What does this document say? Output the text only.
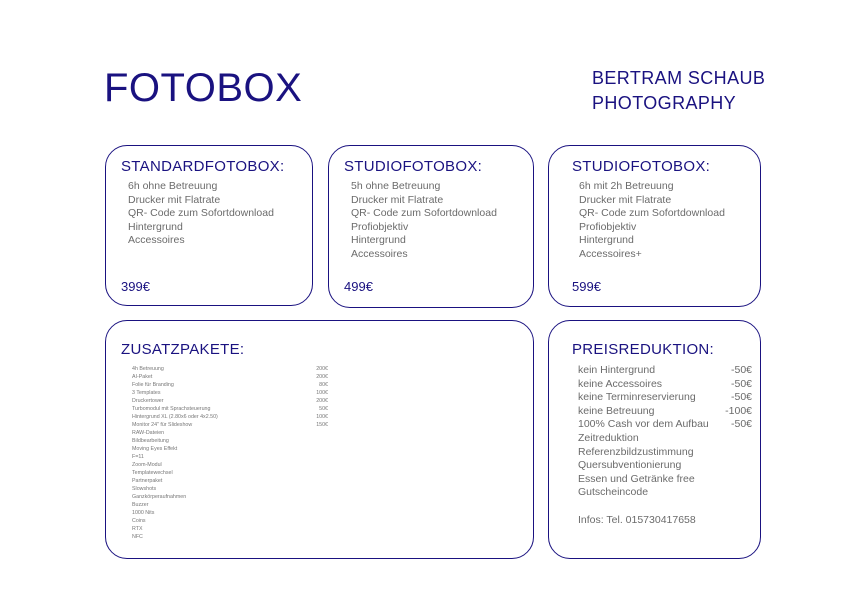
FOTOBOX	BERTRAM SCHAUB
PHOTOGRAPHY
STANDARDFOTOBOX:
6h ohne Betreuung
Drucker mit Flatrate
QR- Code zum Sofortdownload
Hintergrund
Accessoires
399€
STUDIOFOTOBOX:
5h ohne Betreuung
Drucker mit Flatrate
QR- Code zum Sofortdownload
Profiobjektiv
Hintergrund
Accessoires
499€
STUDIOFOTOBOX:
6h mit 2h Betreuung
Drucker mit Flatrate
QR- Code zum Sofortdownload
Profiobjektiv
Hintergrund
Accessoires+
599€
ZUSATZPAKETE:
4h Betreuung	200€
AI-Paket	200€
Folie für Branding	80€
3 Templates	100€
Druckertower	200€
Turbomodul mit Sprachsteuerung	50€
Hintergrund XL (2.80x6 oder 4x2.50)	100€
Monitor 24" für Slideshow	150€
RAW-Dateien
Bildbearbeitung
Moving Eyes Effekt
F=11
Zoom-Modul
Templatewechsel
Partnerpaket
Slowshots
Ganzkörperaufnahmen
Buzzer
1000 Nits
Coins
RTX
NFC
PREISREDUKTION:
kein Hintergrund	-50€
keine Accessoires	-50€
keine Terminreservierung	-50€
keine Betreuung	-100€
100% Cash vor dem Aufbau -50€
Zeitreduktion
Referenzbildzustimmung
Quersubventionierung
Essen und Getränke free
Gutscheincode
Infos: Tel. 015730417658
